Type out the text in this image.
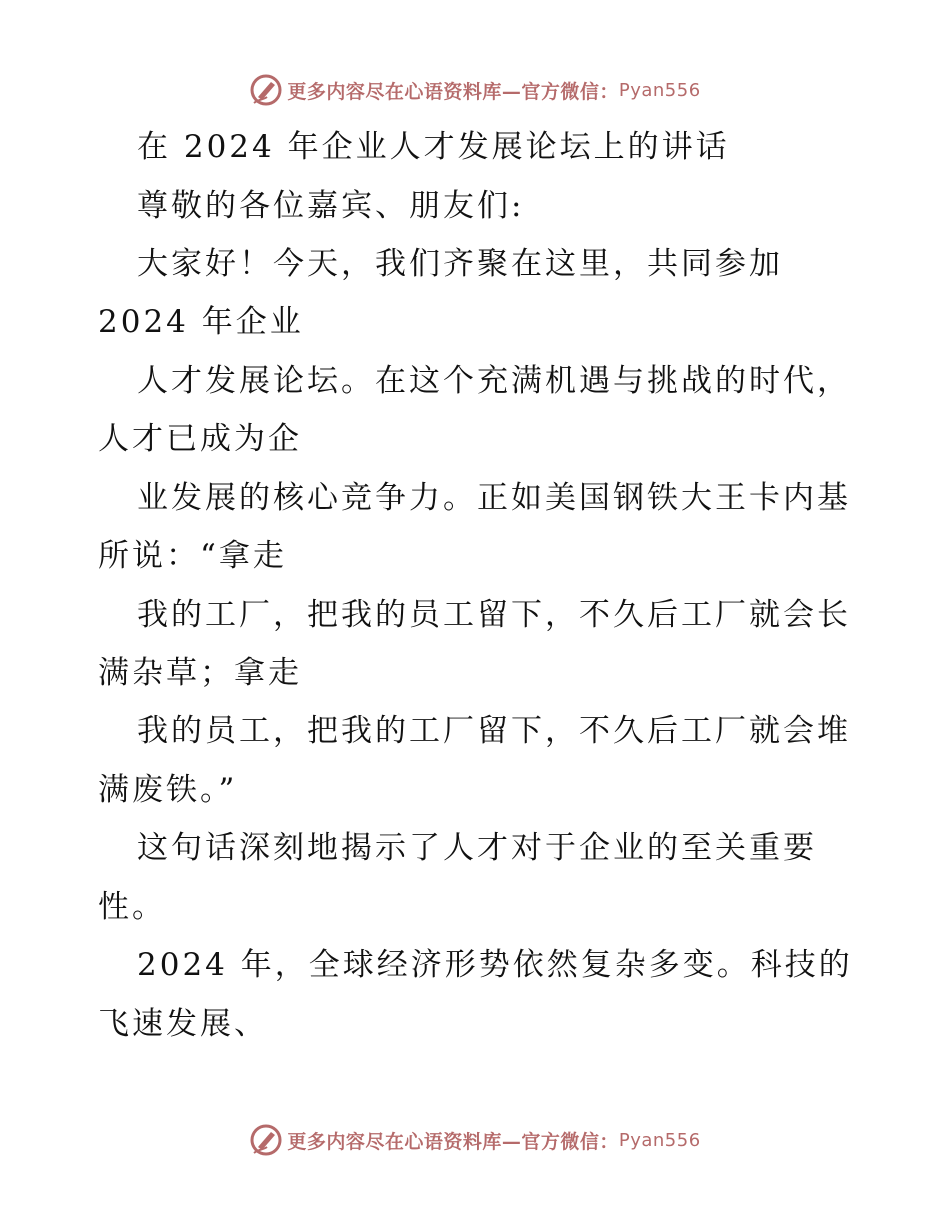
更多内容尽在心语资料库—官方微信： Pyan556
在 2024 年企业人才发展论坛上的讲话
尊敬的各位嘉宾、朋友们:
大家好！今天，我们齐聚在这里，共同参加
2024 年企业
人才发展论坛。在这个充满机遇与挑战的时代，
人才已成为企
业发展的核心竞争力。正如美国钢铁大王卡内基
所说：“拿走
我的工厂，把我的员工留下，不久后工厂就会长
满杂草；拿走
我的员工，把我的工厂留下，不久后工厂就会堆
满废铁。”
这句话深刻地揭示了人才对于企业的至关重要
性。
2024 年，全球经济形势依然复杂多变。科技的
飞速发展、
更多内容尽在心语资料库—官方微信： Pyan556
